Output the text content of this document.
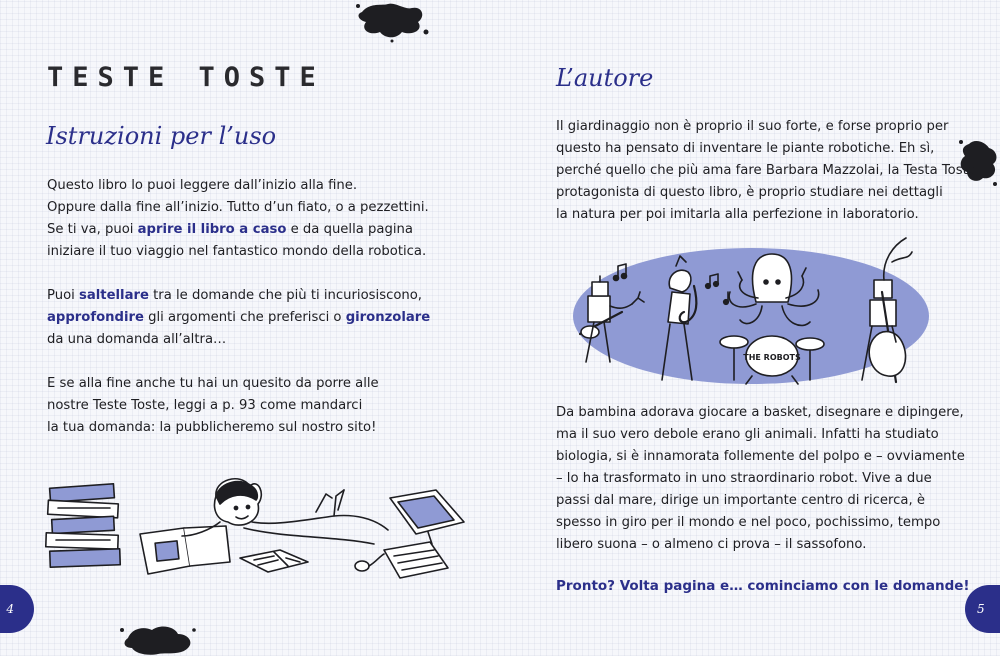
TESTE TOSTE
Istruzioni per l’uso

Questo libro lo puoi leggere dall’inizio alla fine.
Oppure dalla fine all’inizio. Tutto d’un fiato, o a pezzettini.
Se ti va, puoi aprire il libro a caso e da quella pagina
iniziare il tuo viaggio nel fantastico mondo della robotica.

Puoi saltellare tra le domande che più ti incuriosiscono,
approfondire gli argomenti che preferisci o gironzolare
da una domanda all’altra…

E se alla fine anche tu hai un quesito da porre alle
nostre Teste Toste, leggi a p. 93 come mandarci
la tua domanda: la pubblicheremo sul nostro sito!

4
L’autore
Il giardinaggio non è proprio il suo forte, e forse proprio per
questo ha pensato di inventare le piante robotiche. Eh sì,
perché quello che più ama fare Barbara Mazzolai, la Testa Tosta
protagonista di questo libro, è proprio studiare nei dettagli
la natura per poi imitarla alla perfezione in laboratorio.
THE ROBOTS
Da bambina adorava giocare a basket, disegnare e dipingere,
ma il suo vero debole erano gli animali. Infatti ha studiato
biologia, si è innamorata follemente del polpo e – ovviamente
– lo ha trasformato in uno straordinario robot. Vive a due
passi dal mare, dirige un importante centro di ricerca, è
spesso in giro per il mondo e nel poco, pochissimo, tempo
libero suona – o almeno ci prova – il sassofono.

Pronto? Volta pagina e… cominciamo con le domande!

5
